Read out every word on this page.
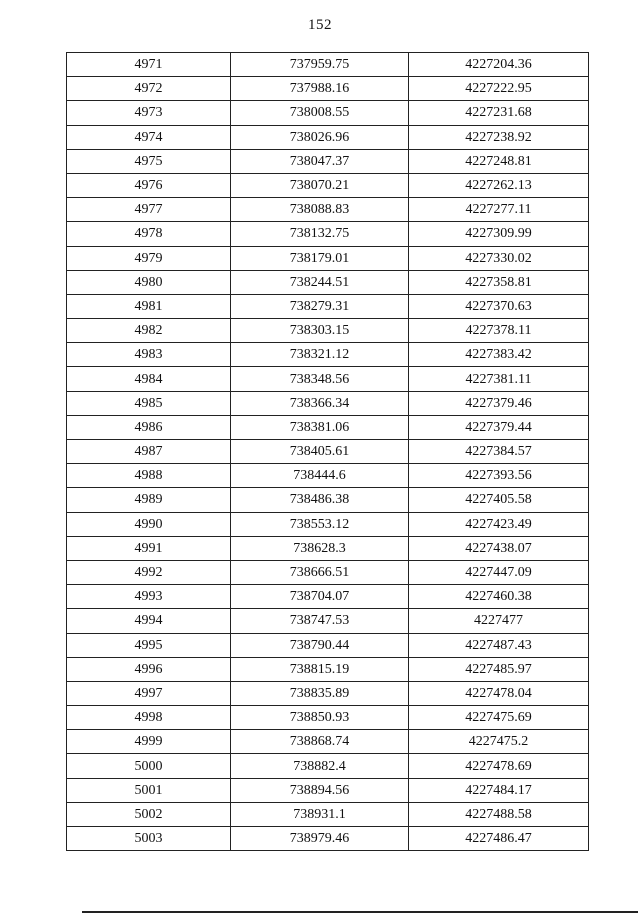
152
4971	737959.75	4227204.36
4972	737988.16	4227222.95
4973	738008.55	4227231.68
4974	738026.96	4227238.92
4975	738047.37	4227248.81
4976	738070.21	4227262.13
4977	738088.83	4227277.11
4978	738132.75	4227309.99
4979	738179.01	4227330.02
4980	738244.51	4227358.81
4981	738279.31	4227370.63
4982	738303.15	4227378.11
4983	738321.12	4227383.42
4984	738348.56	4227381.11
4985	738366.34	4227379.46
4986	738381.06	4227379.44
4987	738405.61	4227384.57
4988	738444.6	4227393.56
4989	738486.38	4227405.58
4990	738553.12	4227423.49
4991	738628.3	4227438.07
4992	738666.51	4227447.09
4993	738704.07	4227460.38
4994	738747.53	4227477
4995	738790.44	4227487.43
4996	738815.19	4227485.97
4997	738835.89	4227478.04
4998	738850.93	4227475.69
4999	738868.74	4227475.2
5000	738882.4	4227478.69
5001	738894.56	4227484.17
5002	738931.1	4227488.58
5003	738979.46	4227486.47
